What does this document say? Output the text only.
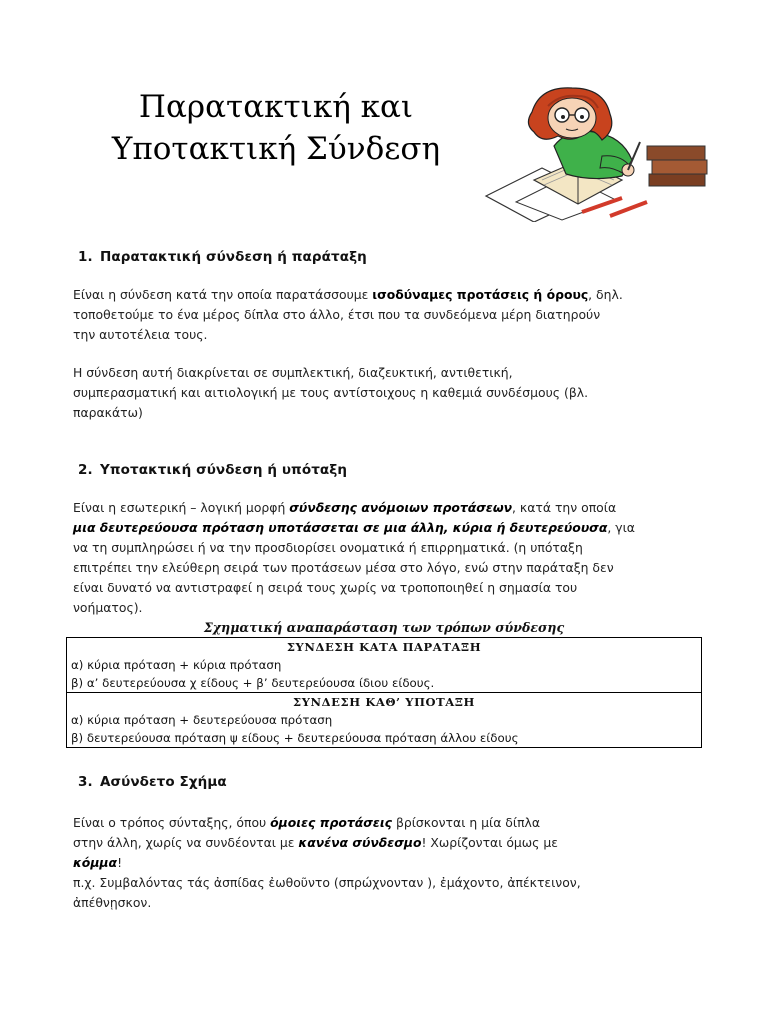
Παρατακτική και
Υποτακτική Σύνδεση
1. Παρατακτική σύνδεση ή παράταξη
Είναι η σύνδεση κατά την οποία παρατάσσουμε ισοδύναμες προτάσεις ή όρους, δηλ.
τοποθετούμε το ένα μέρος δίπλα στο άλλο, έτσι που τα συνδεόμενα μέρη διατηρούν
την αυτοτέλεια τους.
Η σύνδεση αυτή διακρίνεται σε συμπλεκτική, διαζευκτική, αντιθετική,
συμπερασματική και αιτιολογική με τους αντίστοιχους η καθεμιά συνδέσμους (βλ.
παρακάτω)
2. Υποτακτική σύνδεση ή υπόταξη
Είναι η εσωτερική – λογική μορφή σύνδεσης ανόμοιων προτάσεων, κατά την οποία
μια δευτερεύουσα πρόταση υποτάσσεται σε μια άλλη, κύρια ή δευτερεύουσα, για
να τη συμπληρώσει ή να την προσδιορίσει ονοματικά ή επιρρηματικά. (η υπόταξη
επιτρέπει την ελεύθερη σειρά των προτάσεων μέσα στο λόγο, ενώ στην παράταξη δεν
είναι δυνατό να αντιστραφεί η σειρά τους χωρίς να τροποποιηθεί η σημασία του
νοήματος).
Σχηματική αναπαράσταση των τρόπων σύνδεσης
ΣΥΝΔΕΣΗ ΚΑΤΑ ΠΑΡΑΤΑΞΗ
α) κύρια πρόταση + κύρια πρόταση
β) α’ δευτερεύουσα χ είδους + β’ δευτερεύουσα ίδιου είδους.
ΣΥΝΔΕΣΗ ΚΑΘ’ ΥΠΟΤΑΞΗ
α) κύρια πρόταση + δευτερεύουσα πρόταση
β) δευτερεύουσα πρόταση ψ είδους + δευτερεύουσα πρόταση άλλου είδους
3. Ασύνδετο Σχήμα
Είναι ο τρόπος σύνταξης, όπου όμοιες προτάσεις βρίσκονται η μία δίπλα
στην άλλη, χωρίς να συνδέονται με κανένα σύνδεσμο! Χωρίζονται όμως με
κόμμα!
π.χ. Συμβαλόντας τάς ἀσπίδας ἐωθοῦντο (σπρώχνονταν ), ἐμάχοντο, ἀπέκτεινον,
ἀπέθνῃσκον.
